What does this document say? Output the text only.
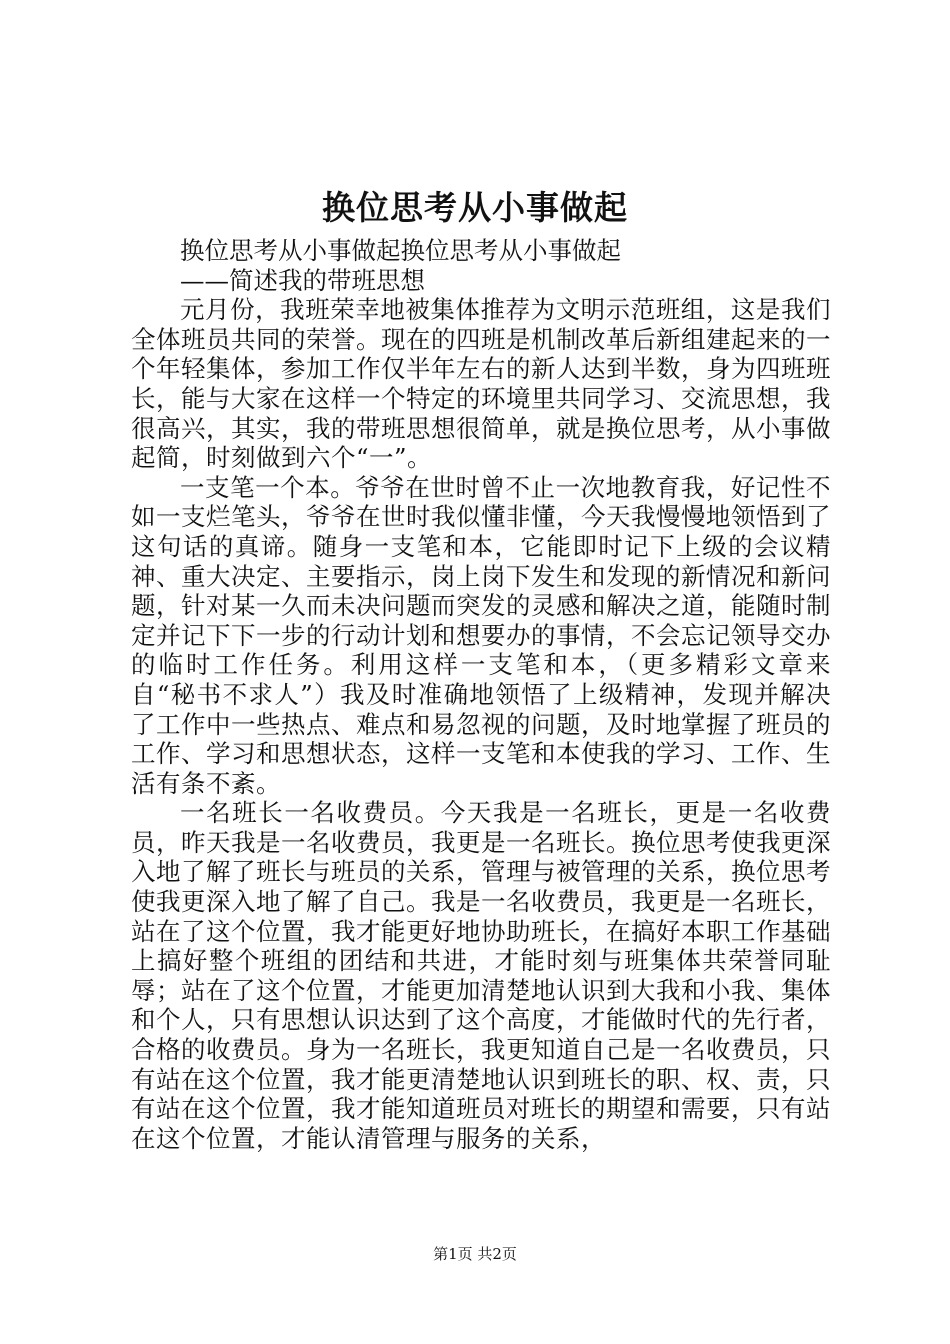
换位思考从小事做起

换位思考从小事做起换位思考从小事做起

——简述我的带班思想

元月份，我班荣幸地被集体推荐为文明示范班组，这是我们全体班员共同的荣誉。现在的四班是机制改革后新组建起来的一个年轻集体，参加工作仅半年左右的新人达到半数，身为四班班长，能与大家在这样一个特定的环境里共同学习、交流思想，我很高兴，其实，我的带班思想很简单，就是换位思考，从小事做起简，时刻做到六个“一”。

一支笔一个本。爷爷在世时曾不止一次地教育我，好记性不如一支烂笔头，爷爷在世时我似懂非懂，今天我慢慢地领悟到了这句话的真谛。随身一支笔和本，它能即时记下上级的会议精神、重大决定、主要指示，岗上岗下发生和发现的新情况和新问题，针对某一久而未决问题而突发的灵感和解决之道，能随时制定并记下下一步的行动计划和想要办的事情，不会忘记领导交办的临时工作任务。利用这样一支笔和本，（更多精彩文章来自“秘书不求人”）我及时准确地领悟了上级精神，发现并解决了工作中一些热点、难点和易忽视的问题，及时地掌握了班员的工作、学习和思想状态，这样一支笔和本使我的学习、工作、生活有条不紊。

一名班长一名收费员。今天我是一名班长，更是一名收费员，昨天我是一名收费员，我更是一名班长。换位思考使我更深入地了解了班长与班员的关系，管理与被管理的关系，换位思考使我更深入地了解了自己。我是一名收费员，我更是一名班长，站在了这个位置，我才能更好地协助班长，在搞好本职工作基础上搞好整个班组的团结和共进，才能时刻与班集体共荣誉同耻辱；站在了这个位置，才能更加清楚地认识到大我和小我、集体和个人，只有思想认识达到了这个高度，才能做时代的先行者，合格的收费员。身为一名班长，我更知道自己是一名收费员，只有站在这个位置，我才能更清楚地认识到班长的职、权、责，只有站在这个位置，我才能知道班员对班长的期望和需要，只有站在这个位置，才能认清管理与服务的关系，

第1页 共2页
